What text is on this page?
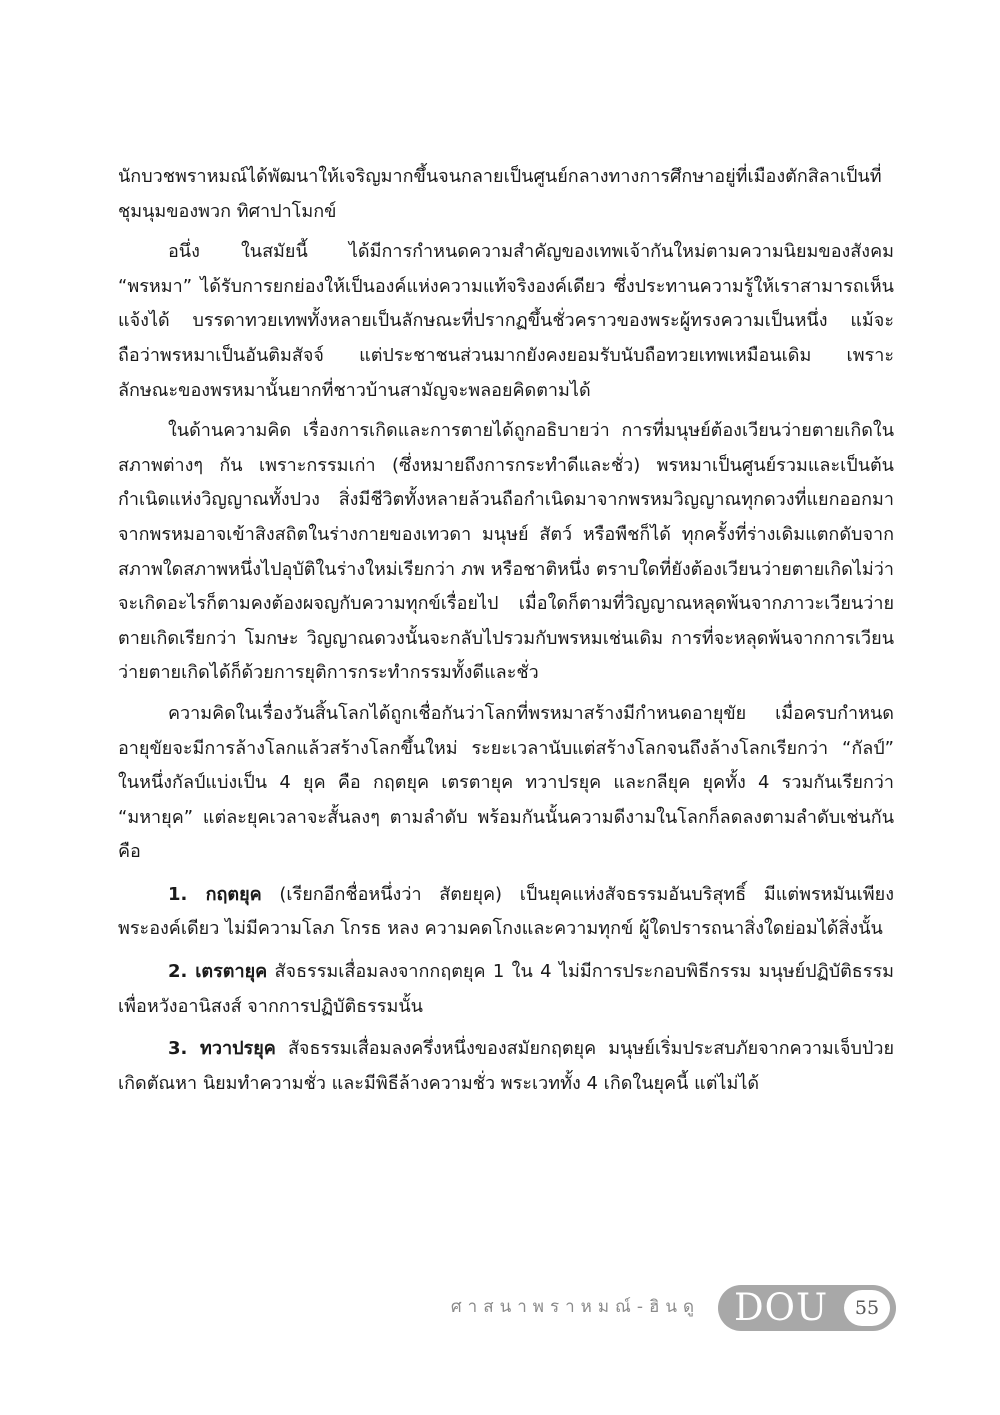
นักบวชพราหมณ์ได้พัฒนาให้เจริญมากขึ้นจนกลายเป็นศูนย์กลางทางการศึกษาอยู่ที่เมืองตักสิลาเป็นที่ชุมนุมของพวก ทิศาปาโมกข์

อนึ่ง ในสมัยนี้ ได้มีการกำหนดความสำคัญของเทพเจ้ากันใหม่ตามความนิยมของสังคม “พรหมา” ได้รับการยกย่องให้เป็นองค์แห่งความแท้จริงองค์เดียว ซึ่งประทานความรู้ให้เราสามารถเห็นแจ้งได้ บรรดาทวยเทพทั้งหลายเป็นลักษณะที่ปรากฏขึ้นชั่วคราวของพระผู้ทรงความเป็นหนึ่ง แม้จะถือว่าพรหมาเป็นอันติมสัจจ์ แต่ประชาชนส่วนมากยังคงยอมรับนับถือทวยเทพเหมือนเดิม เพราะลักษณะของพรหมานั้นยากที่ชาวบ้านสามัญจะพลอยคิดตามได้

ในด้านความคิด เรื่องการเกิดและการตายได้ถูกอธิบายว่า การที่มนุษย์ต้องเวียนว่ายตายเกิดในสภาพต่างๆ กัน เพราะกรรมเก่า (ซึ่งหมายถึงการกระทำดีและชั่ว) พรหมาเป็นศูนย์รวมและเป็นต้นกำเนิดแห่งวิญญาณทั้งปวง สิ่งมีชีวิตทั้งหลายล้วนถือกำเนิดมาจากพรหมวิญญาณทุกดวงที่แยกออกมาจากพรหมอาจเข้าสิงสถิตในร่างกายของเทวดา มนุษย์ สัตว์ หรือพืชก็ได้ ทุกครั้งที่ร่างเดิมแตกดับจากสภาพใดสภาพหนึ่งไปอุบัติในร่างใหม่เรียกว่า ภพ หรือชาติหนึ่ง ตราบใดที่ยังต้องเวียนว่ายตายเกิดไม่ว่าจะเกิดอะไรก็ตามคงต้องผจญกับความทุกข์เรื่อยไป เมื่อใดก็ตามที่วิญญาณหลุดพ้นจากภาวะเวียนว่ายตายเกิดเรียกว่า โมกษะ วิญญาณดวงนั้นจะกลับไปรวมกับพรหมเช่นเดิม การที่จะหลุดพ้นจากการเวียนว่ายตายเกิดได้ก็ด้วยการยุติการกระทำกรรมทั้งดีและชั่ว

ความคิดในเรื่องวันสิ้นโลกได้ถูกเชื่อกันว่าโลกที่พรหมาสร้างมีกำหนดอายุขัย เมื่อครบกำหนดอายุขัยจะมีการล้างโลกแล้วสร้างโลกขึ้นใหม่ ระยะเวลานับแต่สร้างโลกจนถึงล้างโลกเรียกว่า “กัลป์” ในหนึ่งกัลป์แบ่งเป็น 4 ยุค คือ กฤตยุค เตรตายุค ทวาปรยุค และกลียุค ยุคทั้ง 4 รวมกันเรียกว่า “มหายุค” แต่ละยุคเวลาจะสั้นลงๆ ตามลำดับ พร้อมกันนั้นความดีงามในโลกก็ลดลงตามลำดับเช่นกัน คือ

1. กฤตยุค (เรียกอีกชื่อหนึ่งว่า สัตยยุค) เป็นยุคแห่งสัจธรรมอันบริสุทธิ์ มีแต่พรหมันเพียงพระองค์เดียว ไม่มีความโลภ โกรธ หลง ความคดโกงและความทุกข์ ผู้ใดปรารถนาสิ่งใดย่อมได้สิ่งนั้น

2. เตรตายุค สัจธรรมเสื่อมลงจากกฤตยุค 1 ใน 4 ไม่มีการประกอบพิธีกรรม มนุษย์ปฏิบัติธรรมเพื่อหวังอานิสงส์ จากการปฏิบัติธรรมนั้น

3. ทวาปรยุค สัจธรรมเสื่อมลงครึ่งหนึ่งของสมัยกฤตยุค มนุษย์เริ่มประสบภัยจากความเจ็บป่วย เกิดตัณหา นิยมทำความชั่ว และมีพิธีล้างความชั่ว พระเวททั้ง 4 เกิดในยุคนี้ แต่ไม่ได้

ศาสนาพราหมณ์-ฮินดู DOU	55
